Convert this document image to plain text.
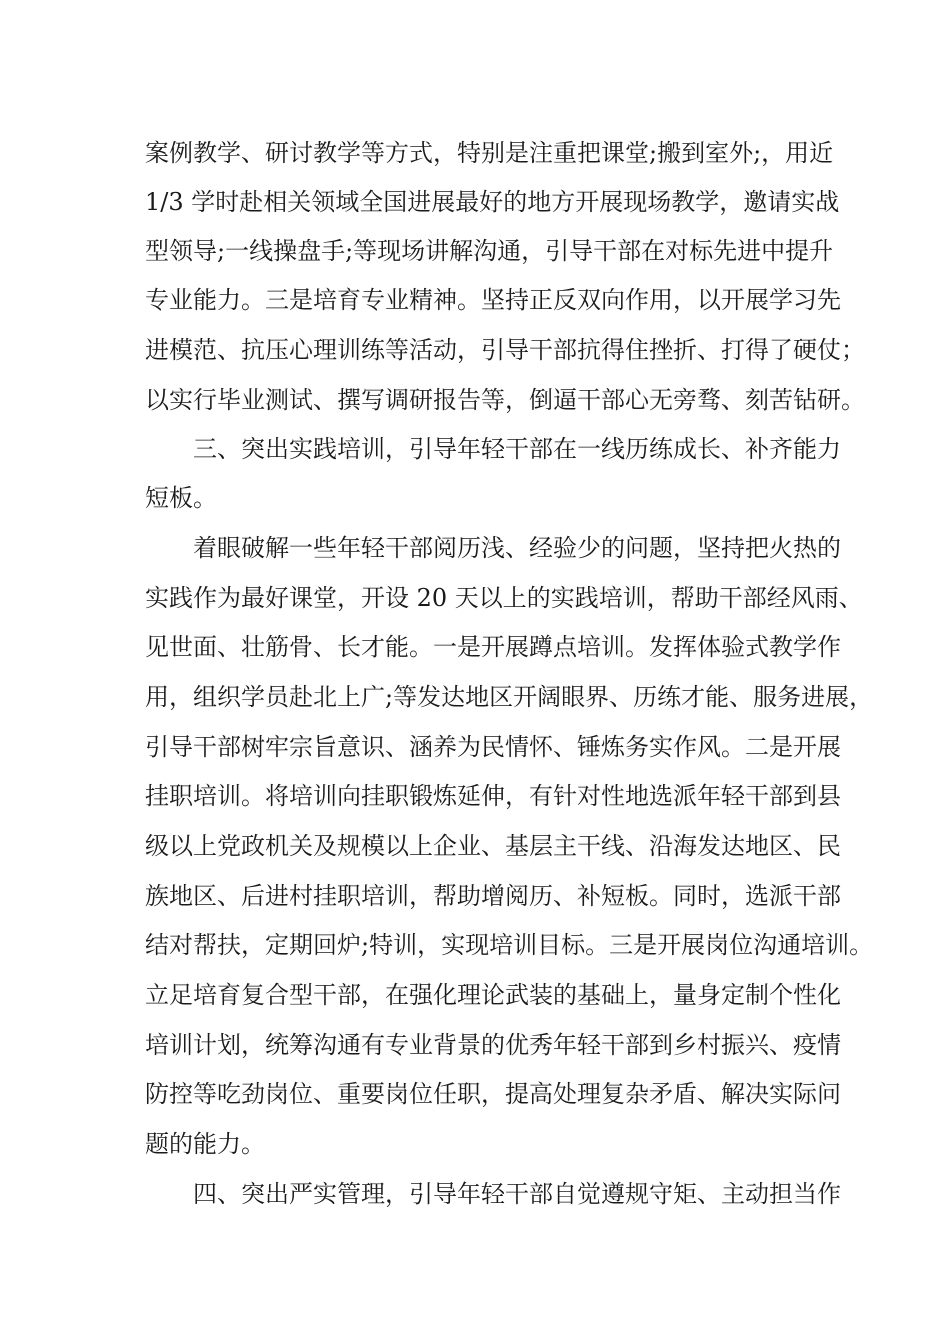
案例教学、研讨教学等方式，特别是注重把课堂;搬到室外;，用近
1/3 学时赴相关领域全国进展最好的地方开展现场教学，邀请实战
型领导;一线操盘手;等现场讲解沟通，引导干部在对标先进中提升
专业能力。三是培育专业精神。坚持正反双向作用，以开展学习先
进模范、抗压心理训练等活动，引导干部抗得住挫折、打得了硬仗；
以实行毕业测试、撰写调研报告等，倒逼干部心无旁骛、刻苦钻研。
三、突出实践培训，引导年轻干部在一线历练成长、补齐能力
短板。
着眼破解一些年轻干部阅历浅、经验少的问题，坚持把火热的
实践作为最好课堂，开设 20 天以上的实践培训，帮助干部经风雨、
见世面、壮筋骨、长才能。一是开展蹲点培训。发挥体验式教学作
用，组织学员赴北上广;等发达地区开阔眼界、历练才能、服务进展，
引导干部树牢宗旨意识、涵养为民情怀、锤炼务实作风。二是开展
挂职培训。将培训向挂职锻炼延伸，有针对性地选派年轻干部到县
级以上党政机关及规模以上企业、基层主干线、沿海发达地区、民
族地区、后进村挂职培训，帮助增阅历、补短板。同时，选派干部
结对帮扶，定期回炉;特训，实现培训目标。三是开展岗位沟通培训。
立足培育复合型干部，在强化理论武装的基础上，量身定制个性化
培训计划，统筹沟通有专业背景的优秀年轻干部到乡村振兴、疫情
防控等吃劲岗位、重要岗位任职，提高处理复杂矛盾、解决实际问
题的能力。
四、突出严实管理，引导年轻干部自觉遵规守矩、主动担当作
